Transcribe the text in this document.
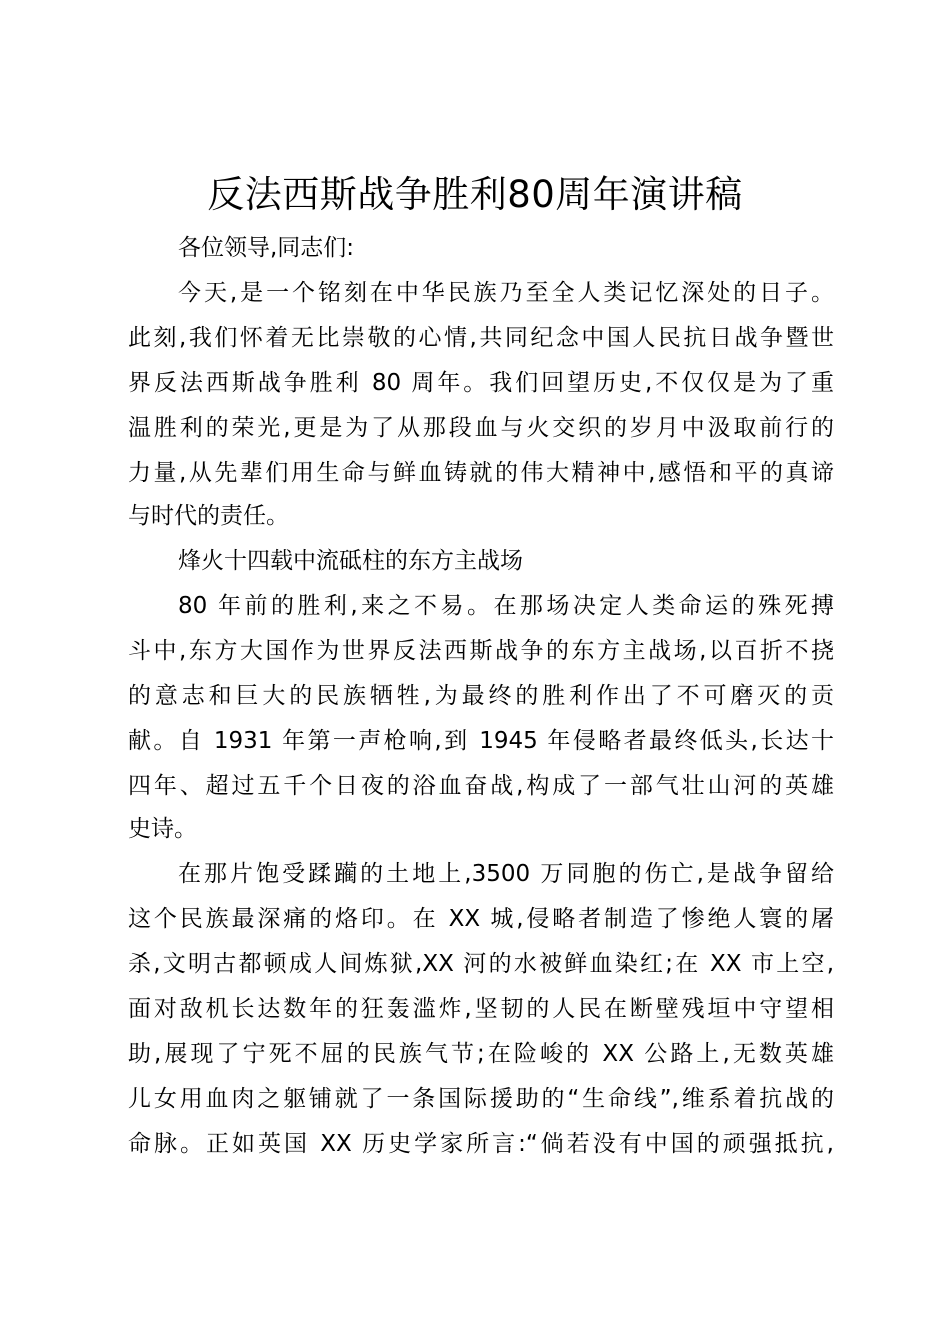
反法西斯战争胜利80周年演讲稿

各位领导,同志们:

今天,是一个铭刻在中华民族乃至全人类记忆深处的日子。

此刻,我们怀着无比崇敬的心情,共同纪念中国人民抗日战争暨世

界反法西斯战争胜利 80 周年。我们回望历史,不仅仅是为了重

温胜利的荣光,更是为了从那段血与火交织的岁月中汲取前行的

力量,从先辈们用生命与鲜血铸就的伟大精神中,感悟和平的真谛

与时代的责任。

烽火十四载中流砥柱的东方主战场

80 年前的胜利,来之不易。在那场决定人类命运的殊死搏

斗中,东方大国作为世界反法西斯战争的东方主战场,以百折不挠

的意志和巨大的民族牺牲,为最终的胜利作出了不可磨灭的贡

献。自 1931 年第一声枪响,到 1945 年侵略者最终低头,长达十

四年、超过五千个日夜的浴血奋战,构成了一部气壮山河的英雄

史诗。

在那片饱受蹂躏的土地上,3500 万同胞的伤亡,是战争留给

这个民族最深痛的烙印。在 XX 城,侵略者制造了惨绝人寰的屠

杀,文明古都顿成人间炼狱,XX 河的水被鲜血染红;在 XX 市上空,

面对敌机长达数年的狂轰滥炸,坚韧的人民在断壁残垣中守望相

助,展现了宁死不屈的民族气节;在险峻的 XX 公路上,无数英雄

儿女用血肉之躯铺就了一条国际援助的“生命线”,维系着抗战的

命脉。正如英国 XX 历史学家所言:“倘若没有中国的顽强抵抗,
